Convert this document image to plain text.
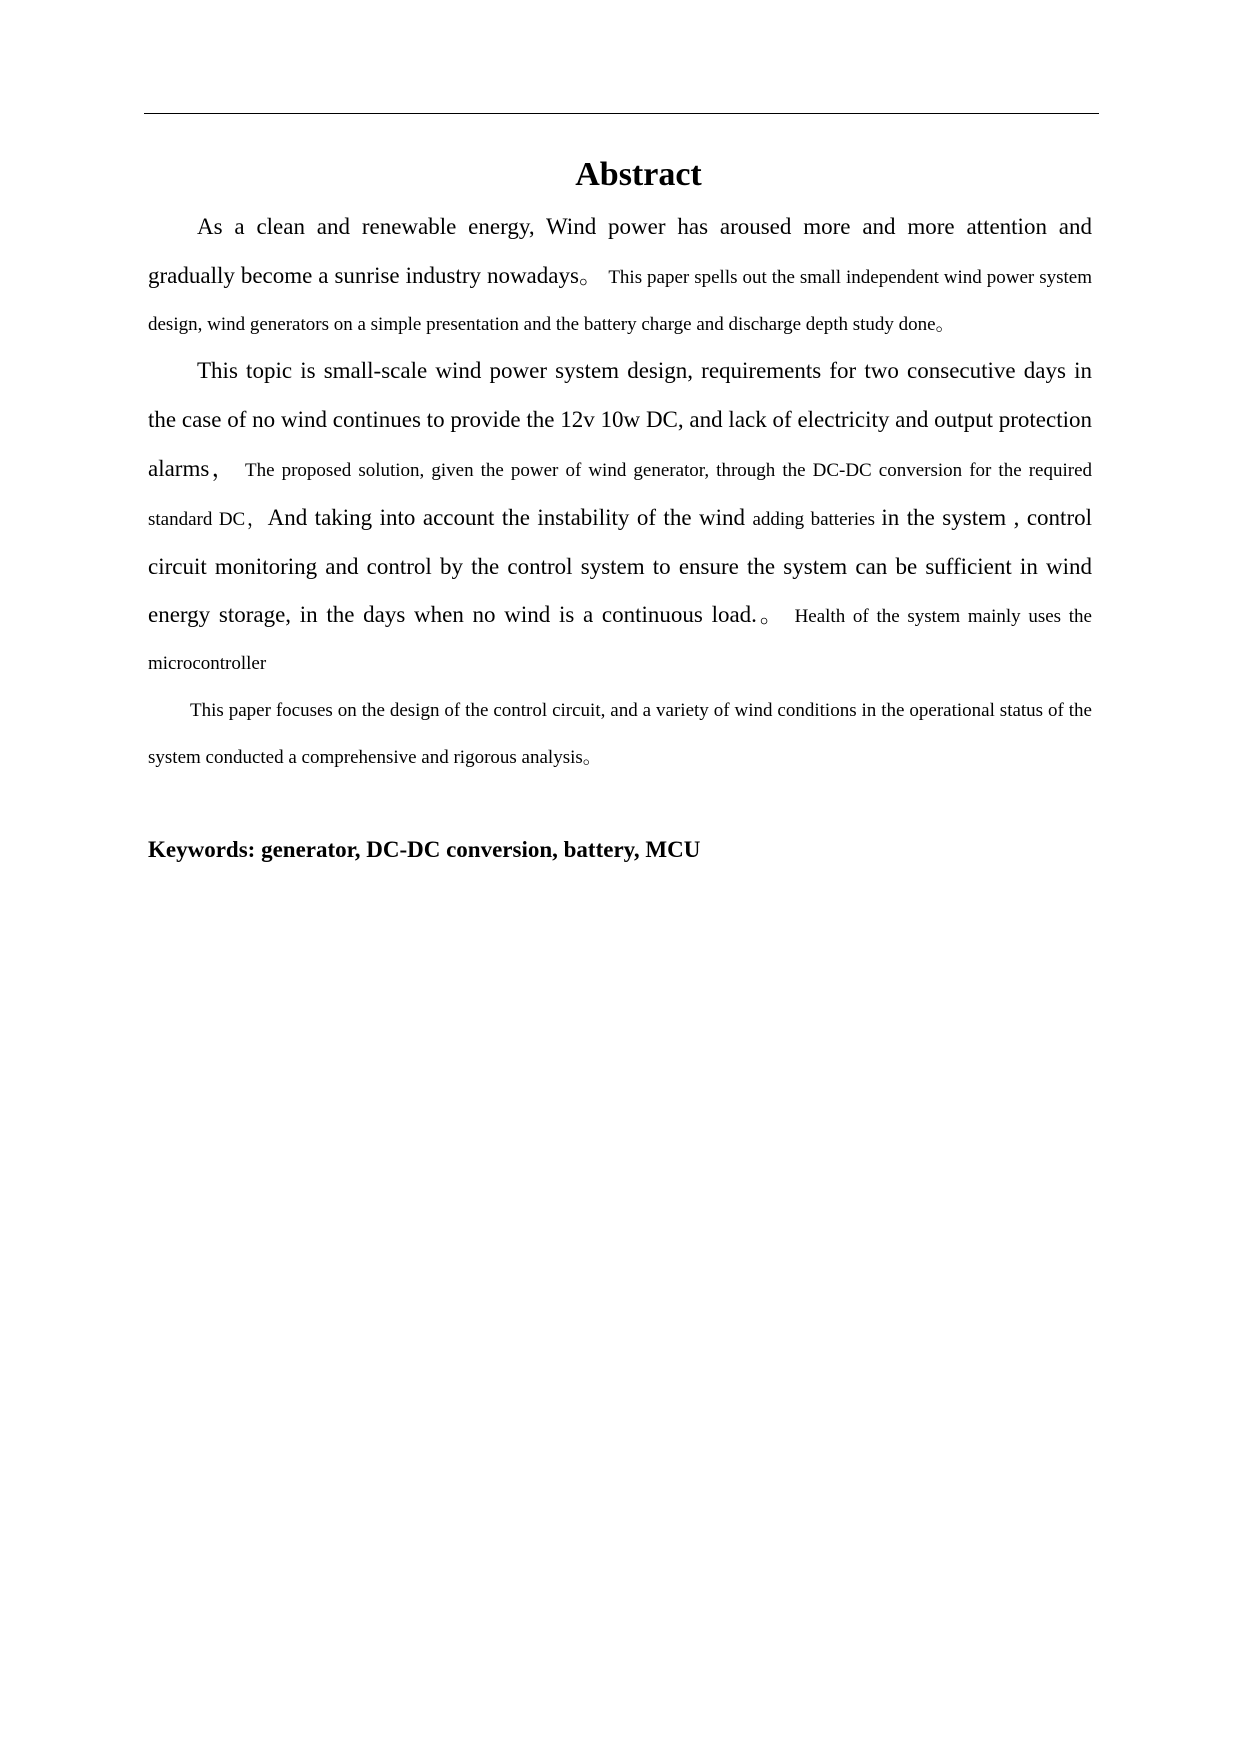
Abstract

As a clean and renewable energy, Wind power has aroused more and more attention and gradually become a sunrise industry nowadays。 This paper spells out the small independent wind power system design, wind generators on a simple presentation and the battery charge and discharge depth study done。

This topic is small-scale wind power system design, requirements for two consecutive days in the case of no wind continues to provide the 12v 10w DC, and lack of electricity and output protection alarms， The proposed solution, given the power of wind generator, through the DC-DC conversion for the required standard DC，And taking into account the instability of the wind adding batteries in the system , control circuit monitoring and control by the control system to ensure the system can be sufficient in wind energy storage, in the days when no wind is a continuous load.。 Health of the system mainly uses the microcontroller

This paper focuses on the design of the control circuit, and a variety of wind conditions in the operational status of the system conducted a comprehensive and rigorous analysis。

Keywords: generator, DC-DC conversion, battery, MCU
